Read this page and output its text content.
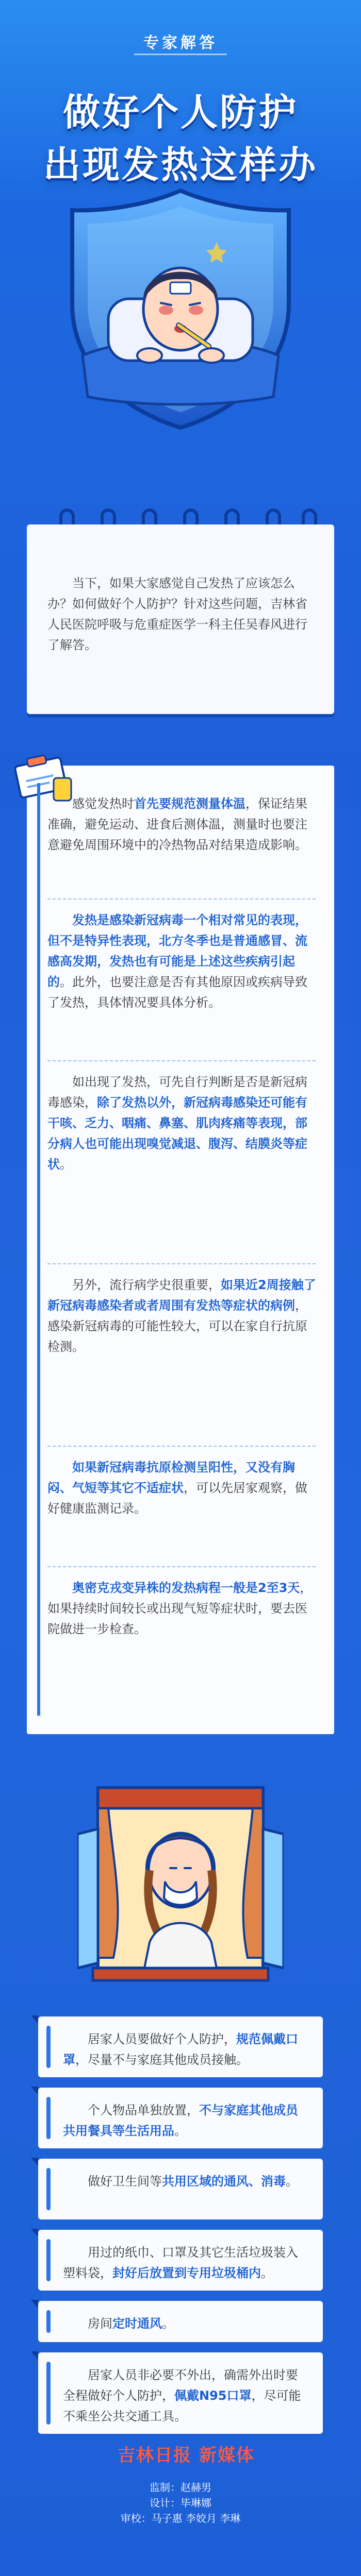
专家解答
做好个人防护
出现发热这样办
当下，如果大家感觉自己发热了应该怎么办？如何做好个人防护？针对这些问题，吉林省人民医院呼吸与危重症医学一科主任吴春风进行了解答。
感觉发热时首先要规范测量体温，保证结果准确，避免运动、进食后测体温，测量时也要注意避免周围环境中的冷热物品对结果造成影响。
发热是感染新冠病毒一个相对常见的表现，但不是特异性表现，北方冬季也是普通感冒、流感高发期，发热也有可能是上述这些疾病引起的。此外，也要注意是否有其他原因或疾病导致了发热，具体情况要具体分析。
如出现了发热，可先自行判断是否是新冠病毒感染，除了发热以外，新冠病毒感染还可能有干咳、乏力、咽痛、鼻塞、肌肉疼痛等表现，部分病人也可能出现嗅觉减退、腹泻、结膜炎等症状。
另外，流行病学史很重要，如果近2周接触了新冠病毒感染者或者周围有发热等症状的病例，感染新冠病毒的可能性较大，可以在家自行抗原检测。
如果新冠病毒抗原检测呈阳性，又没有胸闷、气短等其它不适症状，可以先居家观察，做好健康监测记录。
奥密克戎变异株的发热病程一般是2至3天，如果持续时间较长或出现气短等症状时，要去医院做进一步检查。
居家人员要做好个人防护，规范佩戴口罩，尽量不与家庭其他成员接触。
个人物品单独放置，不与家庭其他成员共用餐具等生活用品。
做好卫生间等共用区域的通风、消毒。
用过的纸巾、口罩及其它生活垃圾装入塑料袋，封好后放置到专用垃圾桶内。
房间定时通风。
居家人员非必要不外出，确需外出时要全程做好个人防护，佩戴N95口罩，尽可能不乘坐公共交通工具。
吉林日报 新媒体
监制：赵赫男
设计：毕琳娜
审校：马子惠 李姣月 李琳
